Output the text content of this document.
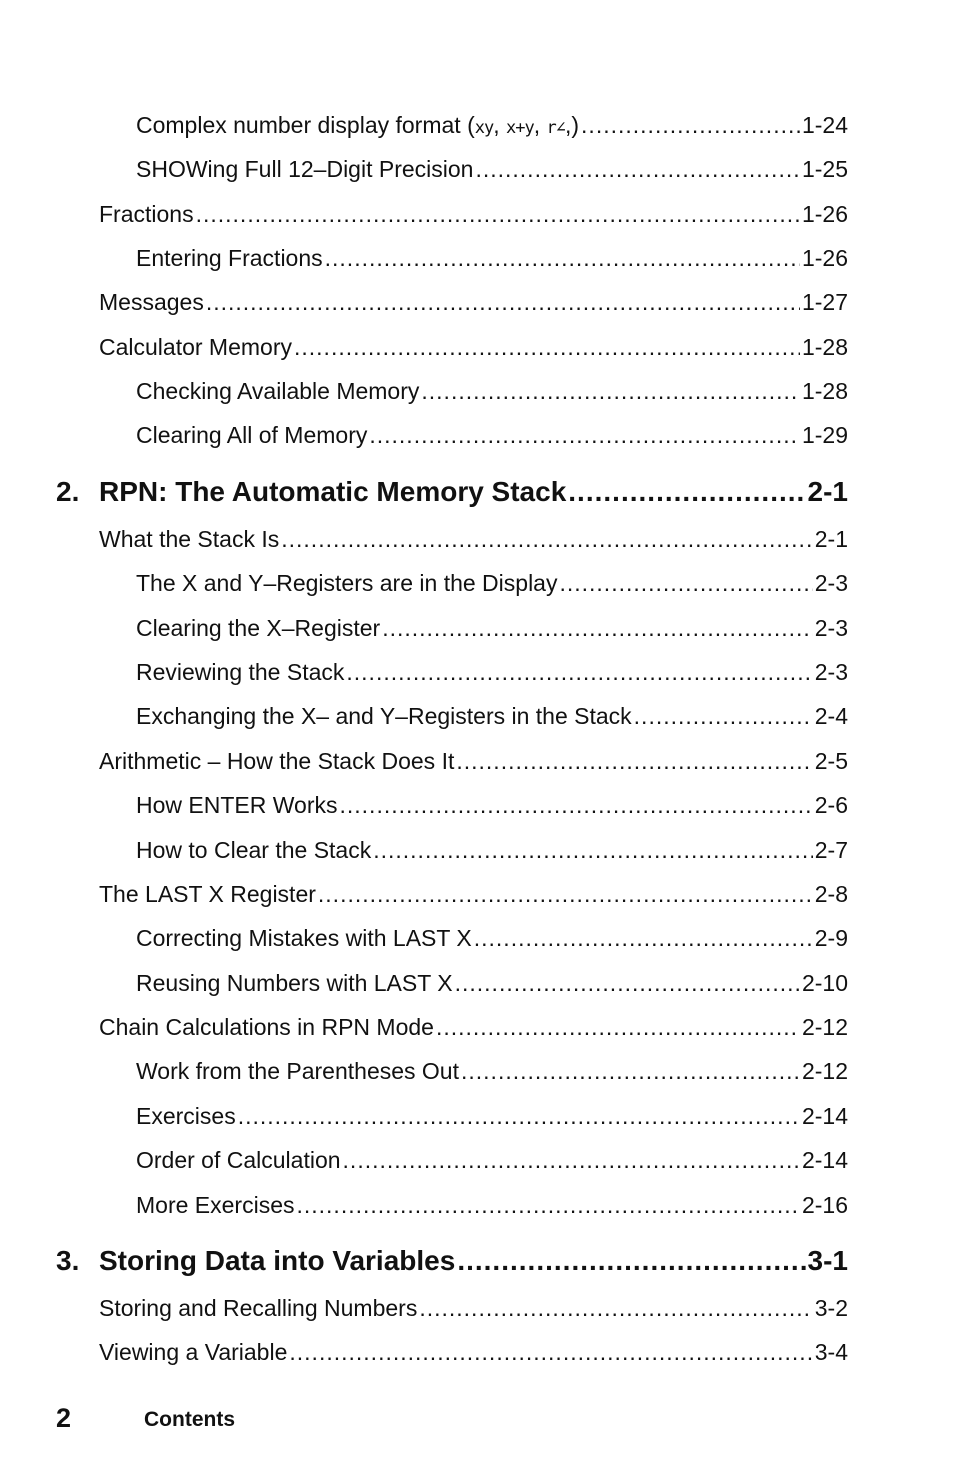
Complex number display format (xy, x+y, r∠,) .....	1-24
SHOWing Full 12–Digit Precision .....	1-25
Fractions .....	1-26
Entering Fractions .....	1-26
Messages .....	1-27
Calculator Memory .....	1-28
Checking Available Memory .....	1-28
Clearing All of Memory .....	1-29
2. RPN: The Automatic Memory Stack .....	2-1
What the Stack Is .....	2-1
The X and Y–Registers are in the Display .....	2-3
Clearing the X–Register .....	2-3
Reviewing the Stack .....	2-3
Exchanging the X– and Y–Registers in the Stack .....	2-4
Arithmetic – How the Stack Does It .....	2-5
How ENTER Works .....	2-6
How to Clear the Stack .....	2-7
The LAST X Register .....	2-8
Correcting Mistakes with LAST X .....	2-9
Reusing Numbers with LAST X .....	2-10
Chain Calculations in RPN Mode .....	2-12
Work from the Parentheses Out .....	2-12
Exercises .....	2-14
Order of Calculation .....	2-14
More Exercises .....	2-16
3. Storing Data into Variables .....	3-1
Storing and Recalling Numbers .....	3-2
Viewing a Variable .....	3-4
2	Contents
